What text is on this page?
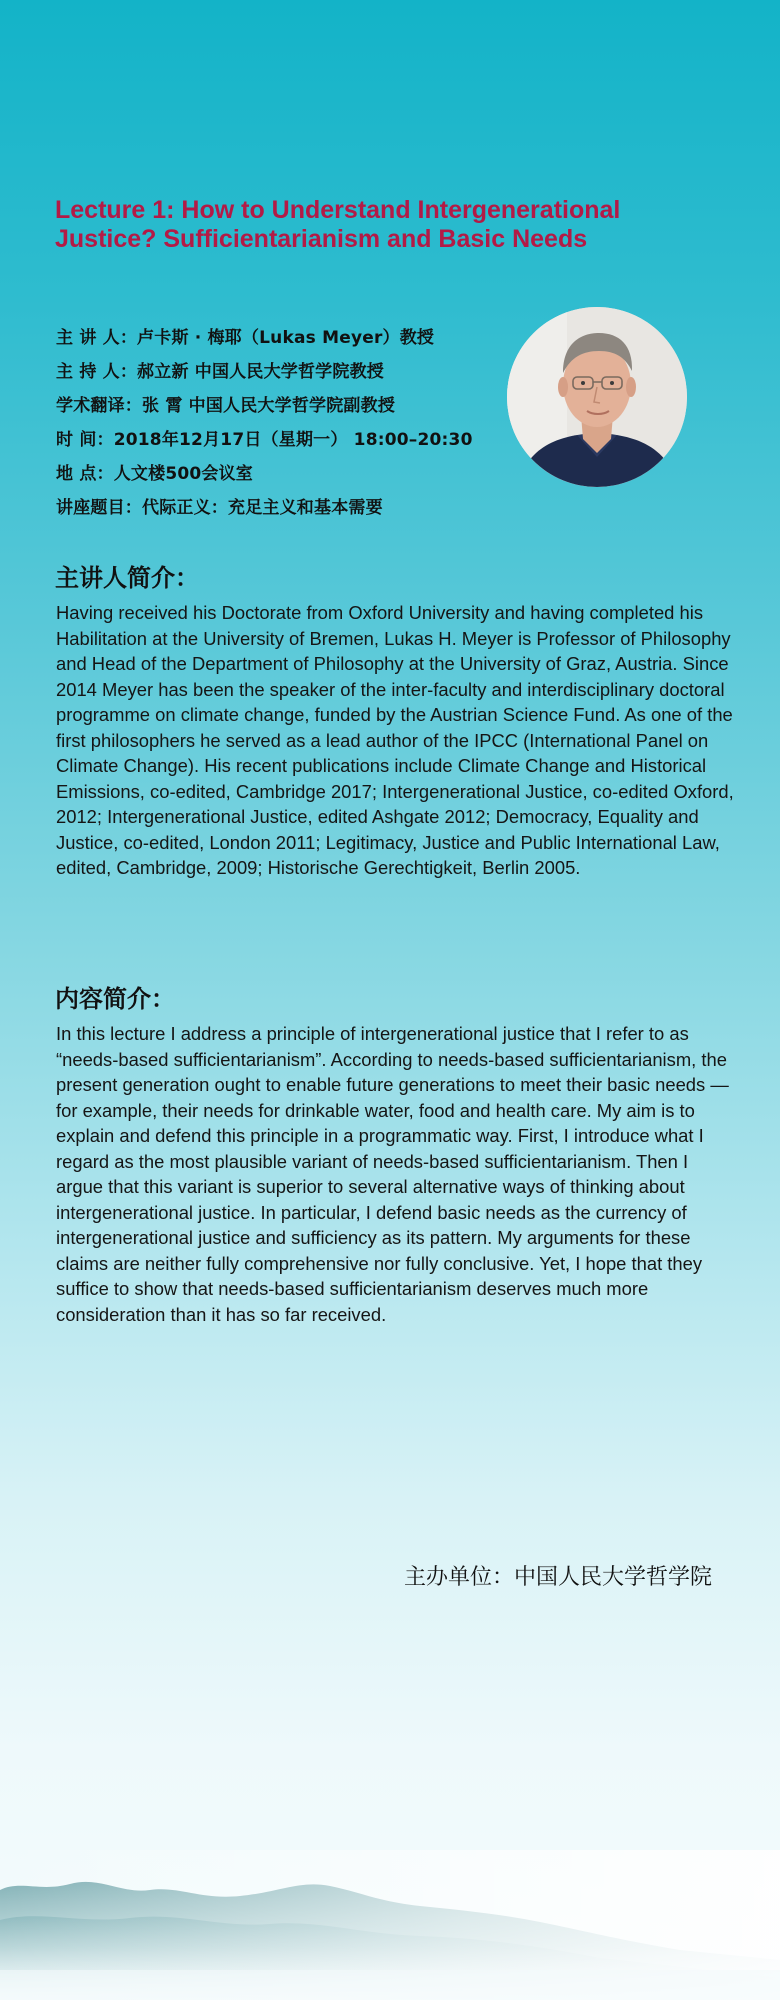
Lecture 1: How to Understand Intergenerational
Justice? Sufficientarianism and Basic Needs
主 讲 人：卢卡斯 · 梅耶（Lukas Meyer）教授
主 持 人：郝立新 中国人民大学哲学院教授
学术翻译：张 霄 中国人民大学哲学院副教授
时 间：2018年12月17日（星期一） 18:00–20:30
地 点：人文楼500会议室
讲座题目：代际正义：充足主义和基本需要
主讲人简介：

Having received his Doctorate from Oxford University and having completed his Habilitation at the University of Bremen, Lukas H. Meyer is Professor of Philosophy and Head of the Department of Philosophy at the University of Graz, Austria. Since 2014 Meyer has been the speaker of the inter-faculty and interdisciplinary doctoral programme on climate change, funded by the Austrian Science Fund. As one of the first philosophers he served as a lead author of the IPCC (International Panel on Climate Change). His recent publications include Climate Change and Historical Emissions, co-edited, Cambridge 2017; Intergenerational Justice, co-edited Oxford, 2012; Intergenerational Justice, edited Ashgate 2012; Democracy, Equality and Justice, co-edited, London 2011; Legitimacy, Justice and Public International Law, edited, Cambridge, 2009; Historische Gerechtigkeit, Berlin 2005.

内容简介：

In this lecture I address a principle of intergenerational justice that I refer to as “needs-based sufficientarianism”. According to needs-based sufficientarianism, the present generation ought to enable future generations to meet their basic needs — for example, their needs for drinkable water, food and health care. My aim is to explain and defend this principle in a programmatic way. First, I introduce what I regard as the most plausible variant of needs-based sufficientarianism. Then I argue that this variant is superior to several alternative ways of thinking about intergenerational justice. In particular, I defend basic needs as the currency of intergenerational justice and sufficiency as its pattern. My arguments for these claims are neither fully comprehensive nor fully conclusive. Yet, I hope that they suffice to show that needs-based sufficientarianism deserves much more consideration than it has so far received.

主办单位：中国人民大学哲学院
